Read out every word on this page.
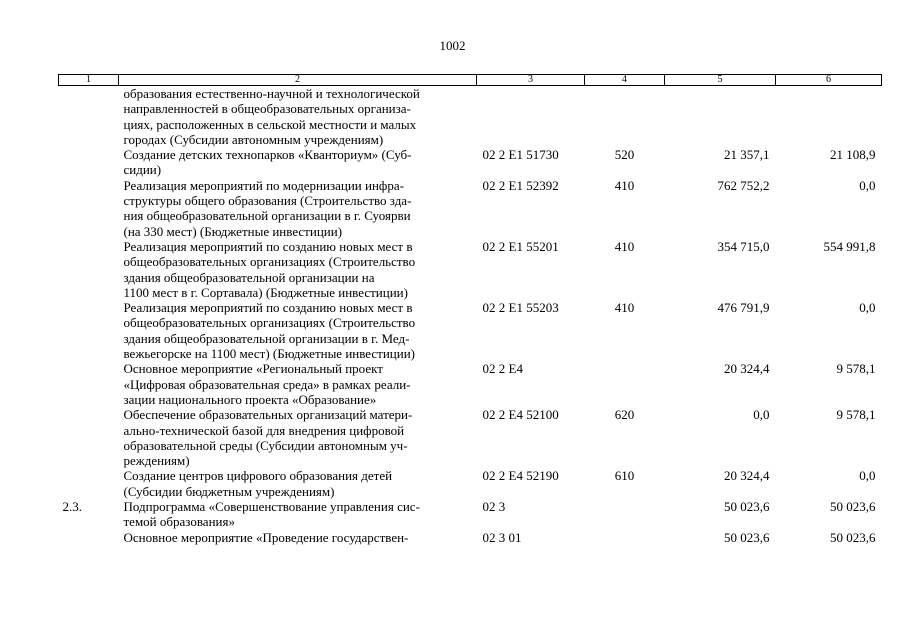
1002
1	2	3	4	5	6
	образования естественно-научной и технологической
направленностей в общеобразовательных организа-
циях, расположенных в сельской местности и малых
городах (Субсидии автономным учреждениям)				
	Создание детских технопарков «Кванториум» (Суб-
сидии)	02 2 E1 51730	520	21 357,1	21 108,9
	Реализация мероприятий по модернизации инфра-
структуры общего образования (Строительство зда-
ния общеобразовательной организации в г. Суоярви
(на 330 мест) (Бюджетные инвестиции)	02 2 E1 52392	410	762 752,2	0,0
	Реализация мероприятий по созданию новых мест в
общеобразовательных организациях (Строительство
здания общеобразовательной организации на
1100 мест в г. Сортавала) (Бюджетные инвестиции)	02 2 E1 55201	410	354 715,0	554 991,8
	Реализация мероприятий по созданию новых мест в
общеобразовательных организациях (Строительство
здания общеобразовательной организации в г. Мед-
вежьегорске на 1100 мест) (Бюджетные инвестиции)	02 2 E1 55203	410	476 791,9	0,0
	Основное мероприятие «Региональный проект
«Цифровая образовательная среда» в рамках реали-
зации национального проекта «Образование»	02 2 E4		20 324,4	9 578,1
	Обеспечение образовательных организаций матери-
ально-технической базой для внедрения цифровой
образовательной среды (Субсидии автономным уч-
реждениям)	02 2 E4 52100	620	0,0	9 578,1
	Создание центров цифрового образования детей
(Субсидии бюджетным учреждениям)	02 2 E4 52190	610	20 324,4	0,0
2.3.	Подпрограмма «Совершенствование управления сис-
темой образования»	02 3		50 023,6	50 023,6
	Основное мероприятие «Проведение государствен-	02 3 01		50 023,6	50 023,6
